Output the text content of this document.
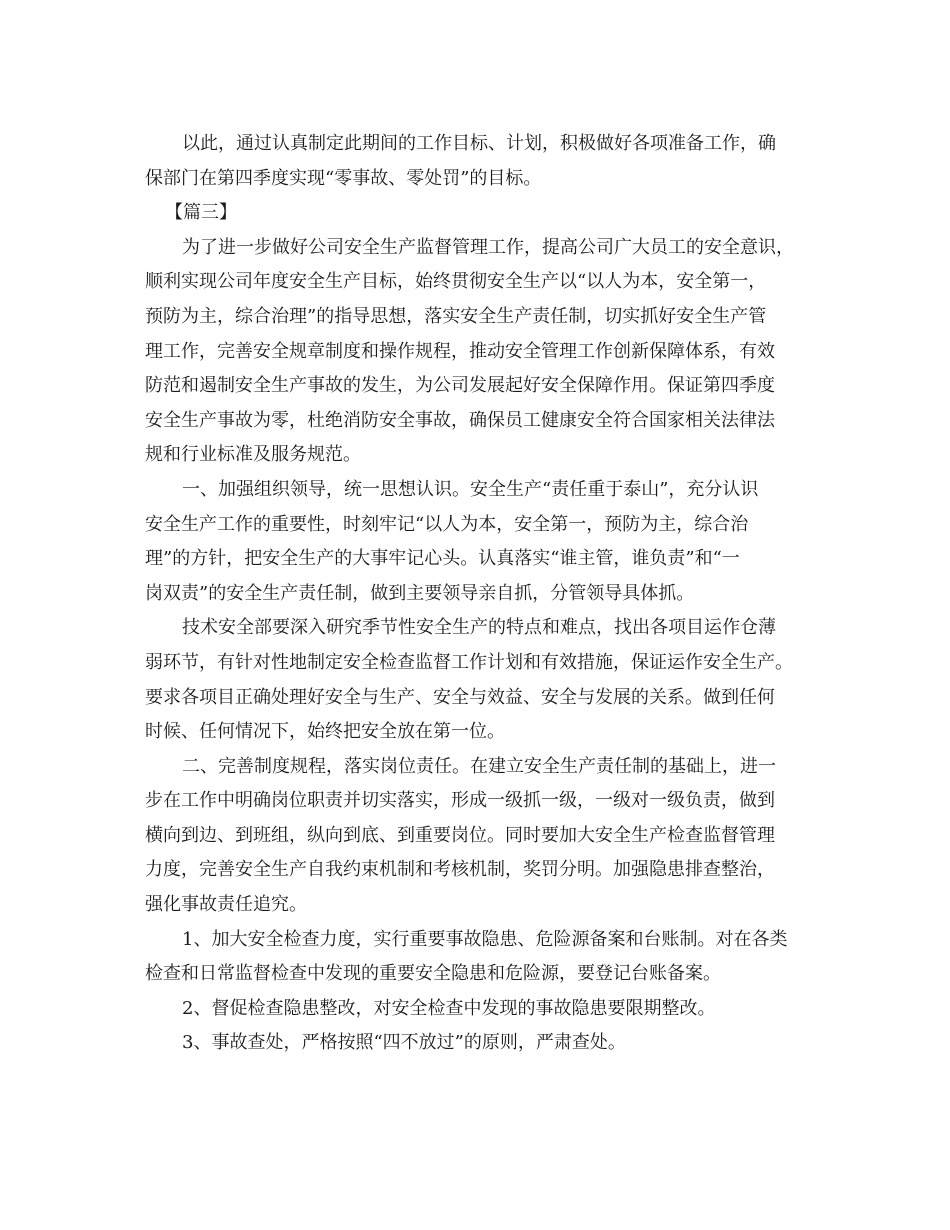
以此，通过认真制定此期间的工作目标、计划，积极做好各项准备工作，确
保部门在第四季度实现“零事故、零处罚”的目标。
【篇三】
为了进一步做好公司安全生产监督管理工作，提高公司广大员工的安全意识，
顺利实现公司年度安全生产目标，始终贯彻安全生产以“以人为本，安全第一，
预防为主，综合治理”的指导思想，落实安全生产责任制，切实抓好安全生产管
理工作，完善安全规章制度和操作规程，推动安全管理工作创新保障体系，有效
防范和遏制安全生产事故的发生，为公司发展起好安全保障作用。保证第四季度
安全生产事故为零，杜绝消防安全事故，确保员工健康安全符合国家相关法律法
规和行业标准及服务规范。
一、加强组织领导，统一思想认识。安全生产“责任重于泰山”，充分认识
安全生产工作的重要性，时刻牢记“以人为本，安全第一，预防为主，综合治
理”的方针，把安全生产的大事牢记心头。认真落实“谁主管，谁负责”和“一
岗双责”的安全生产责任制，做到主要领导亲自抓，分管领导具体抓。
技术安全部要深入研究季节性安全生产的特点和难点，找出各项目运作仓薄
弱环节，有针对性地制定安全检查监督工作计划和有效措施，保证运作安全生产。
要求各项目正确处理好安全与生产、安全与效益、安全与发展的关系。做到任何
时候、任何情况下，始终把安全放在第一位。
二、完善制度规程，落实岗位责任。在建立安全生产责任制的基础上，进一
步在工作中明确岗位职责并切实落实，形成一级抓一级，一级对一级负责，做到
横向到边、到班组，纵向到底、到重要岗位。同时要加大安全生产检查监督管理
力度，完善安全生产自我约束机制和考核机制，奖罚分明。加强隐患排查整治，
强化事故责任追究。
1、加大安全检查力度，实行重要事故隐患、危险源备案和台账制。对在各类
检查和日常监督检查中发现的重要安全隐患和危险源，要登记台账备案。
2、督促检查隐患整改，对安全检查中发现的事故隐患要限期整改。
3、事故查处，严格按照“四不放过”的原则，严肃查处。
